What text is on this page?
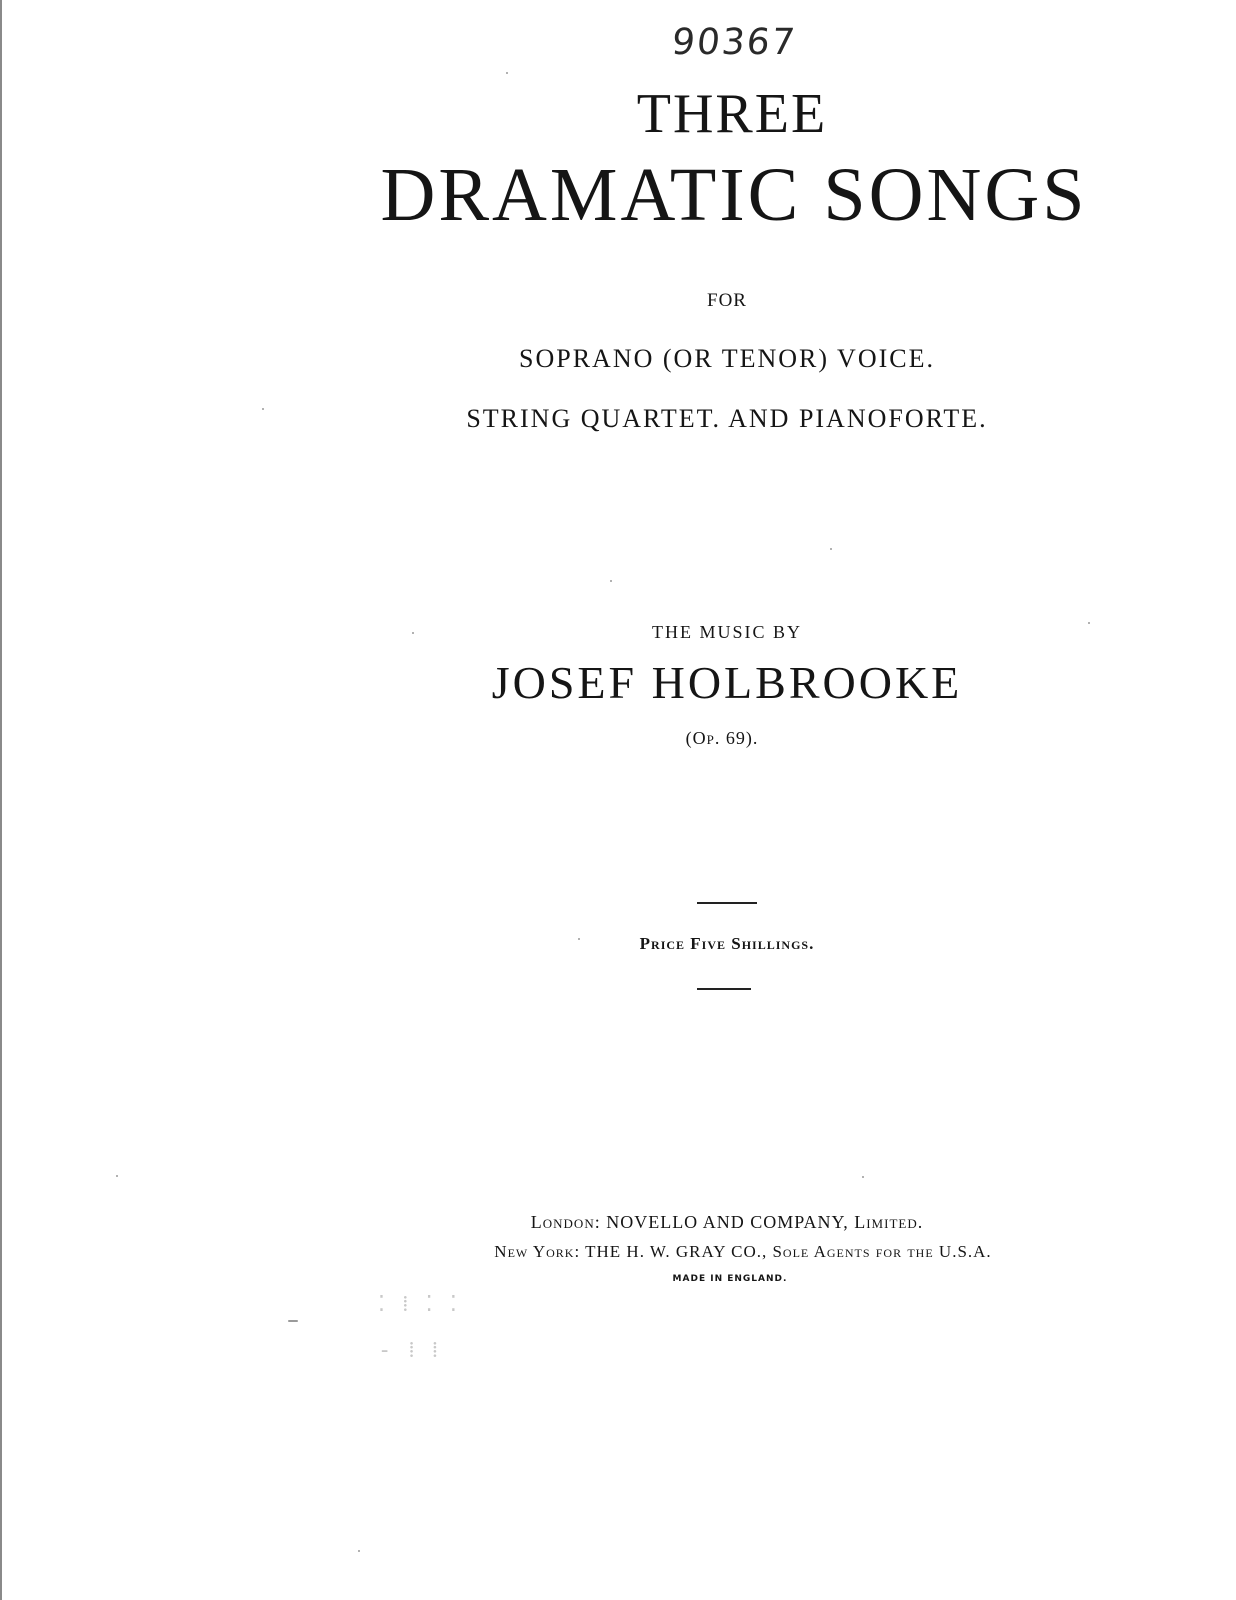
90367
THREE
DRAMATIC SONGS
FOR
SOPRANO (OR TENOR) VOICE.
STRING QUARTET. AND PIANOFORTE.
THE MUSIC BY
JOSEF HOLBROOKE
(Op. 69).
Price Five Shillings.
London: NOVELLO AND COMPANY, Limited.
New York: THE H. W. GRAY CO., Sole Agents for the U.S.A.
MADE IN ENGLAND.
⁚ ⁞ ⁚ ⁚
‑ ⁞ ⁞
